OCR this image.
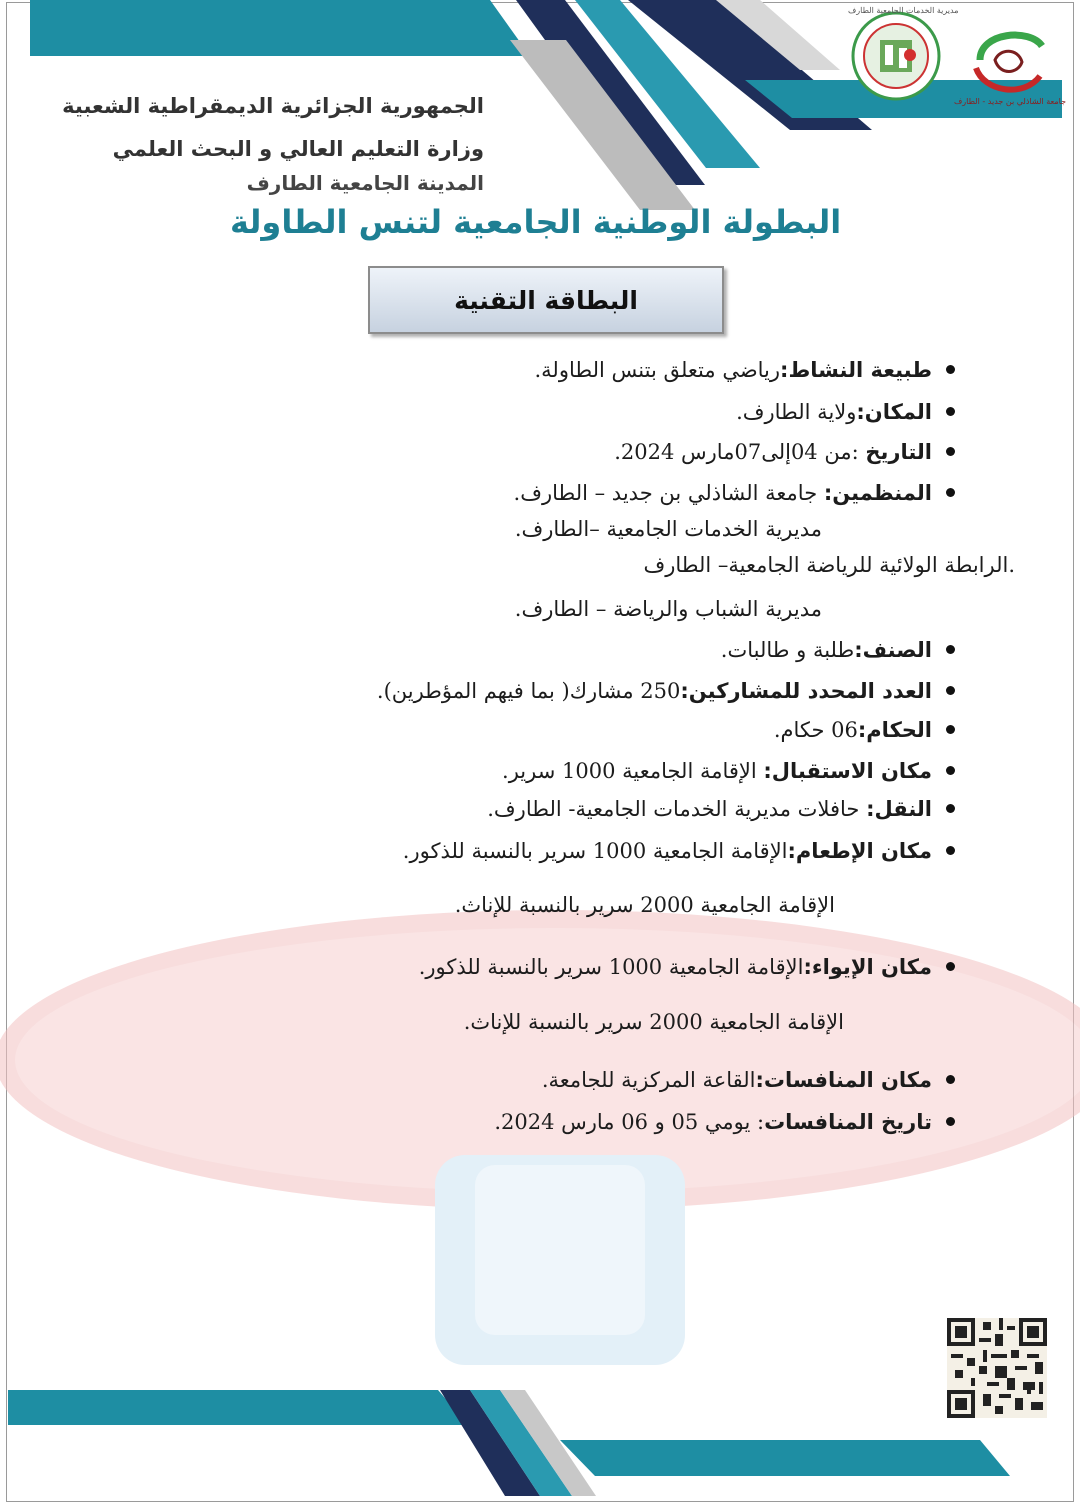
جامعة الشاذلي بن جديد - الطارف
مديرية الخدمات الجامعية الطارف
الجمهورية الجزائرية الديمقراطية الشعبية
وزارة التعليم العالي و البحث العلمي
المدينة الجامعية الطارف
البطولة الوطنية الجامعية لتنس الطاولة
البطاقة التقنية
طبيعة النشاط:رياضي متعلق بتنس الطاولة.
المكان:ولاية الطارف.
التاريخ :من 04إلى07مارس 2024.
المنظمين: جامعة الشاذلي بن جديد – الطارف.
مديرية الخدمات الجامعية –الطارف.
.الرابطة الولائية للرياضة الجامعية– الطارف
مديرية الشباب والرياضة – الطارف.
الصنف:طلبة و طالبات.
العدد المحدد للمشاركين:250 مشارك( بما فيهم المؤطرين).
الحكام:06 حكام.
مكان الاستقبال: الإقامة الجامعية 1000 سرير.
النقل: حافلات مديرية الخدمات الجامعية- الطارف.
مكان الإطعام:الإقامة الجامعية 1000 سرير بالنسبة للذكور.
الإقامة الجامعية 2000 سرير بالنسبة للإناث.
مكان الإيواء:الإقامة الجامعية 1000 سرير بالنسبة للذكور.
الإقامة الجامعية 2000 سرير بالنسبة للإناث.
مكان المنافسات:القاعة المركزية للجامعة.
تاريخ المنافسات: يومي 05 و 06 مارس 2024.
